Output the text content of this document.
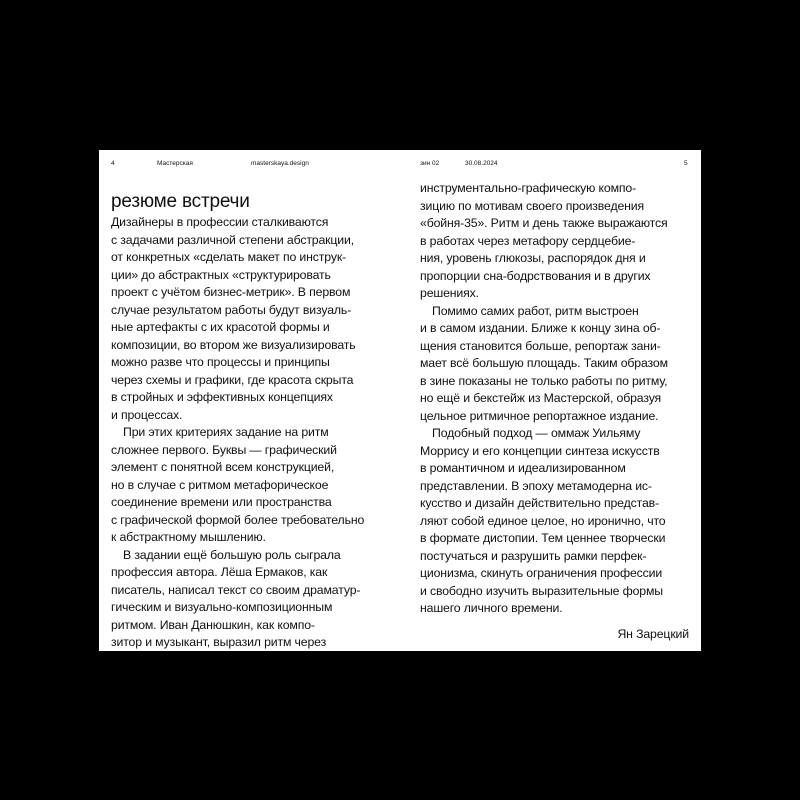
4	Мастерская	masterskaya.design	зин 02	30.08.2024	5
резюме встречи
Дизайнеры в профессии сталкиваются
с задачами различной степени абстракции,
от конкретных «сделать макет по инструк-
ции» до абстрактных «структурировать
проект с учётом бизнес-метрик». В первом
случае результатом работы будут визуаль-
ные артефакты с их красотой формы и
композиции, во втором же визуализировать
можно разве что процессы и принципы
через схемы и графики, где красота скрыта
в стройных и эффективных концепциях
и процессах.
При этих критериях задание на ритм
сложнее первого. Буквы — графический
элемент с понятной всем конструкцией,
но в случае с ритмом метафорическое
соединение времени или пространства
с графической формой более требовательно
к абстрактному мышлению.
В задании ещё большую роль сыграла
профессия автора. Лёша Ермаков, как
писатель, написал текст со своим драматур-
гическим и визуально-композиционным
ритмом. Иван Данюшкин, как компо-
зитор и музыкант, выразил ритм через
инструментально-графическую компо-
зицию по мотивам своего произведения
«бойня-35». Ритм и день также выражаются
в работах через метафору сердцебие-
ния, уровень глюкозы, распорядок дня и
пропорции сна-бодрствования и в других
решениях.
Помимо самих работ, ритм выстроен
и в самом издании. Ближе к концу зина об-
щения становится больше, репортаж зани-
мает всё большую площадь. Таким образом
в зине показаны не только работы по ритму,
но ещё и бекстейж из Мастерской, образуя
цельное ритмичное репортажное издание.
Подобный подход — оммаж Уильяму
Моррису и его концепции синтеза искусств
в романтичном и идеализированном
представлении. В эпоху метамодерна ис-
кусство и дизайн действительно представ-
ляют собой единое целое, но иронично, что
в формате дистопии. Тем ценнее творчески
постучаться и разрушить рамки перфек-
ционизма, скинуть ограничения профессии
и свободно изучить выразительные формы
нашего личного времени.
Ян Зарецкий
